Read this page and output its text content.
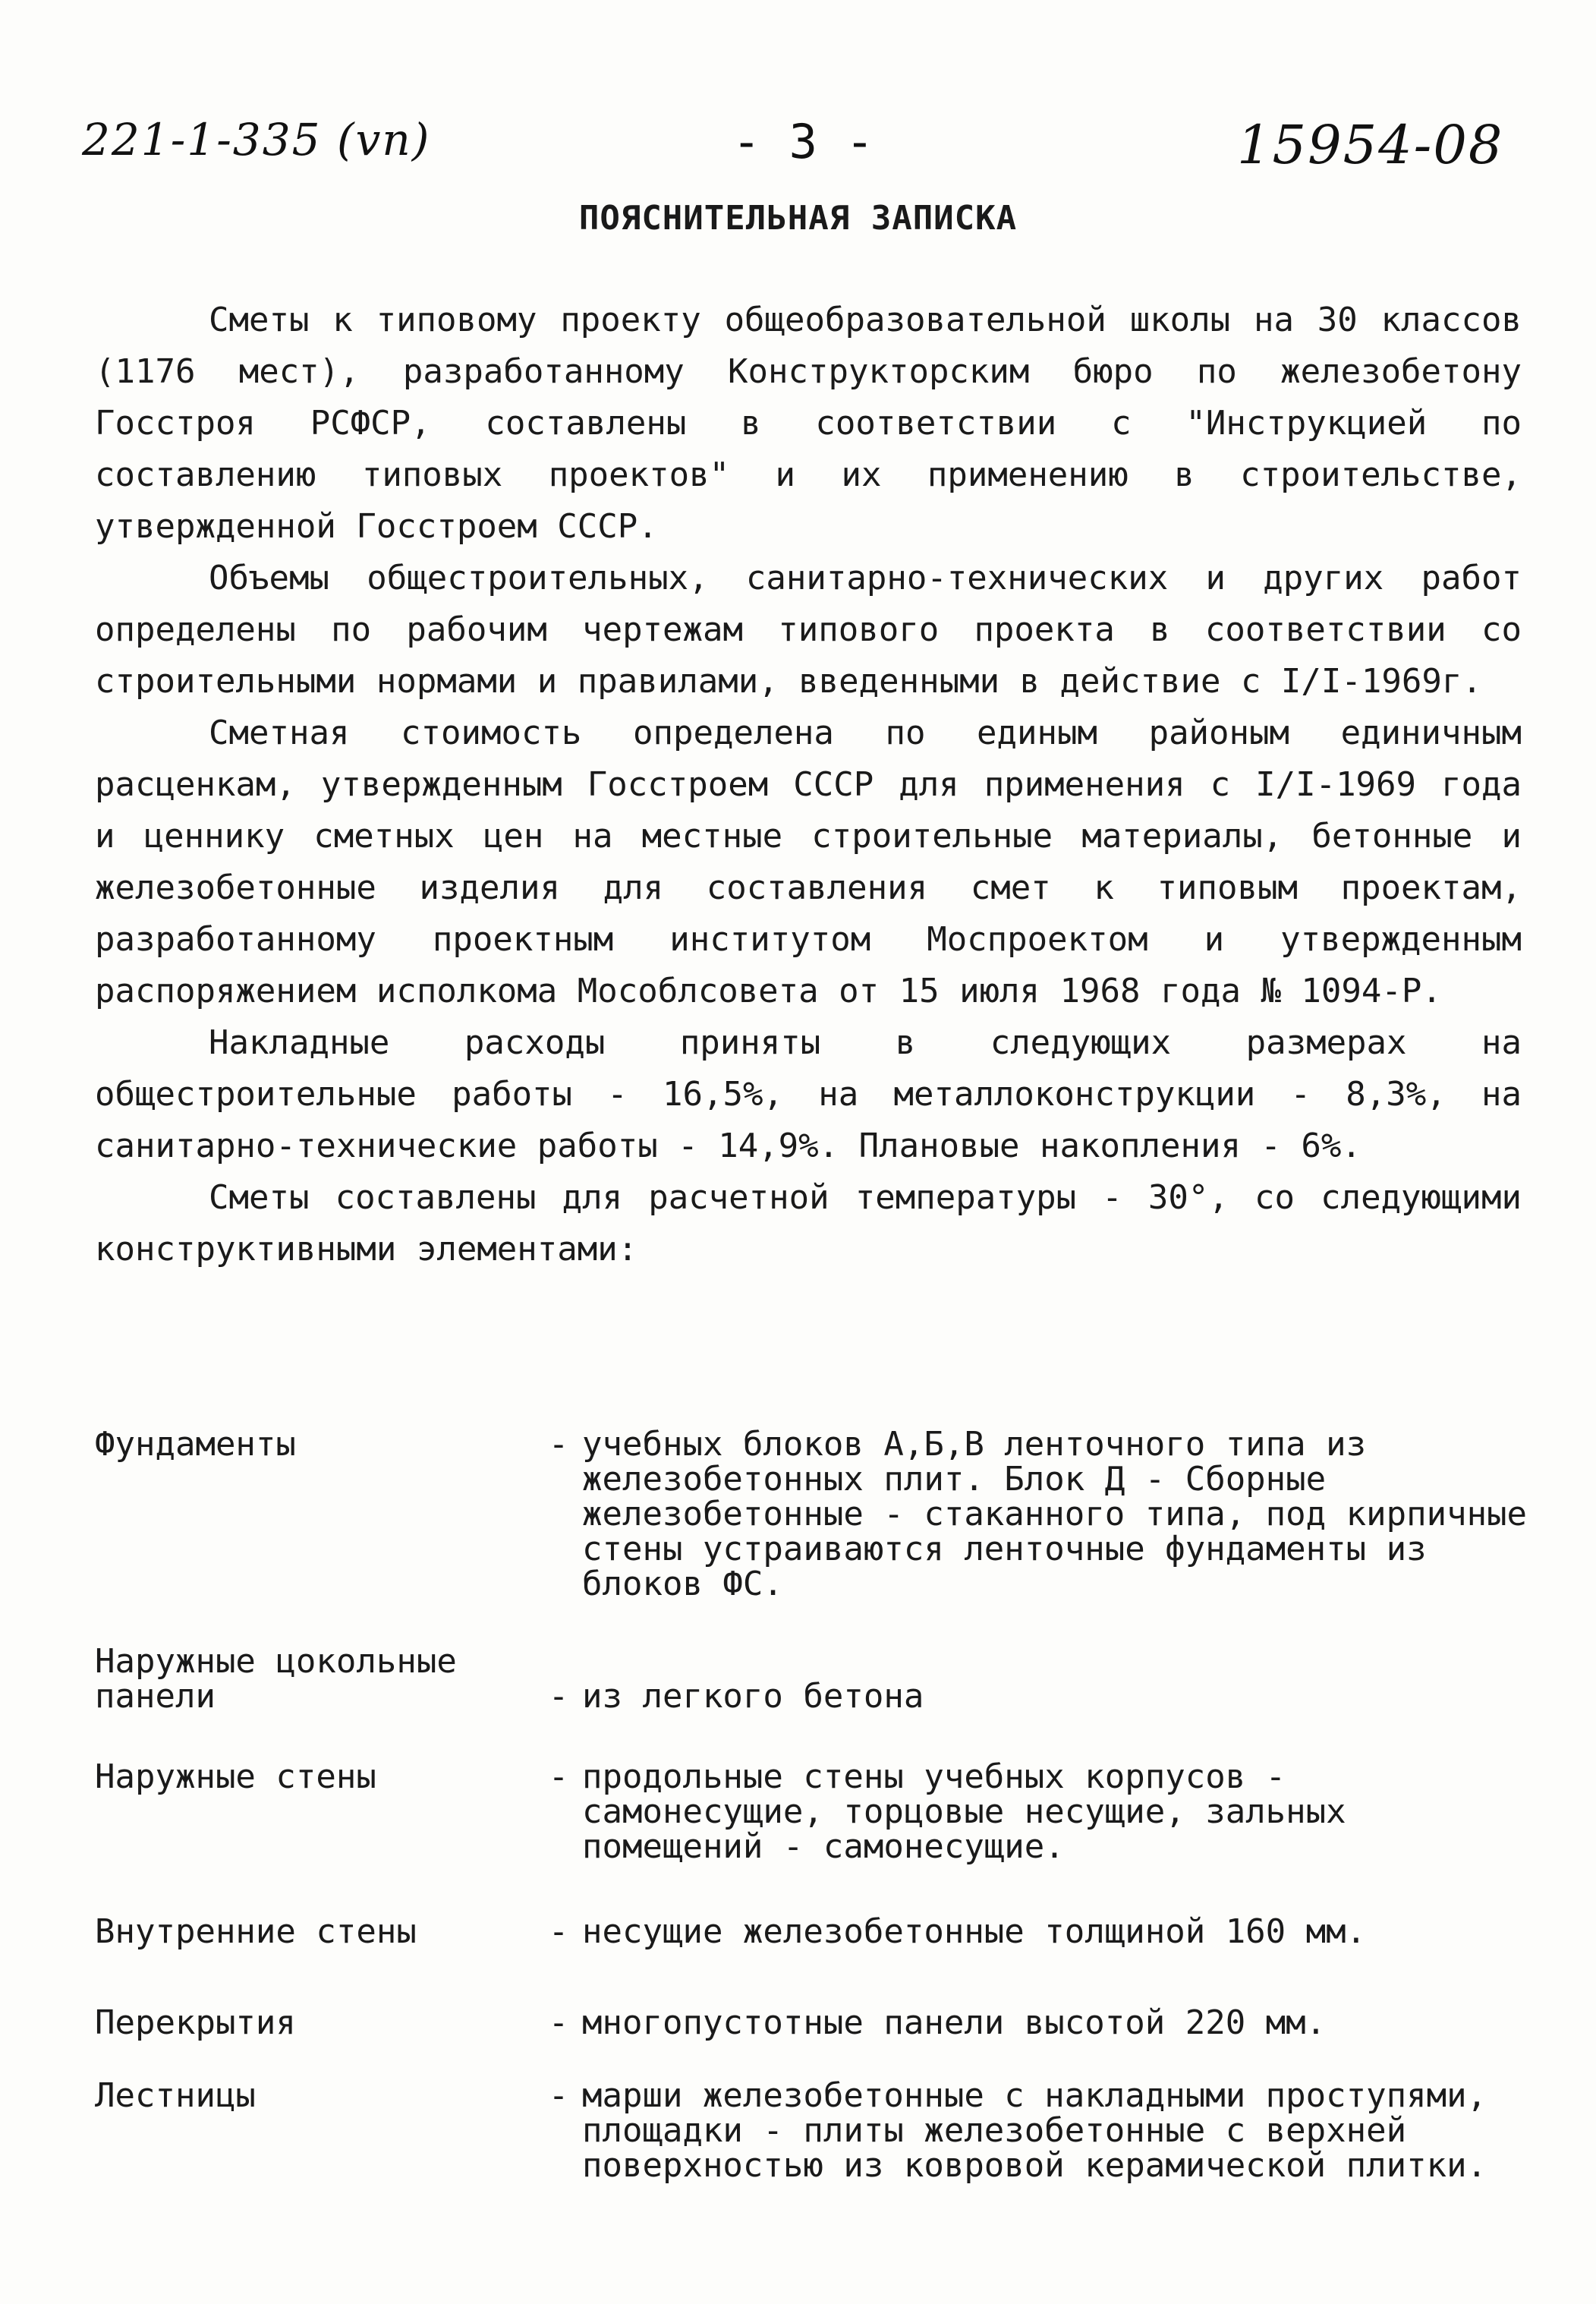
221-1-335 (vп)	- 3 -	15954-08
ПОЯСНИТЕЛЬНАЯ ЗАПИСКА

Сметы к типовому проекту общеобразовательной школы на 30 классов (1176 мест), разработанному Конструкторским бюро по железобетону Госстроя РСФСР, составлены в соответствии с "Инструкцией по составлению типовых проектов" и их применению в строительстве, утвержденной Госстроем СССР.

Объемы общестроительных, санитарно-технических и других работ определены по рабочим чертежам типового проекта в соответствии со строительными нормами и правилами, введенными в действие с I/I-1969г.

Сметная стоимость определена по единым районым единичным расценкам, утвержденным Госстроем СССР для применения с I/I-1969 года и ценнику сметных цен на местные строительные материалы, бетонные и железобетонные изделия для составления смет к типовым проектам, разработанному проектным институтом Моспроектом и утвержденным распоряжением исполкома Мособлсовета от 15 июля 1968 года № 1094-Р.

Накладные расходы приняты в следующих размерах на общестроительные работы - 16,5%, на металлоконструкции - 8,3%, на санитарно-технические работы - 14,9%. Плановые накопления - 6%.

Сметы составлены для расчетной температуры - 30°, со следующими конструктивными элементами:

Фундаменты	- учебных блоков А,Б,В ленточного типа из железобетонных плит. Блок Д - Сборные железобетонные - стаканного типа, под кирпичные стены устраиваются ленточные фундаменты из блоков ФС.
Наружные цокольные панели	- из легкого бетона
Наружные стены	- продольные стены учебных корпусов - самонесущие, торцовые несущие, зальных помещений - самонесущие.
Внутренние стены	- несущие железобетонные толщиной 160 мм.
Перекрытия	- многопустотные панели высотой 220 мм.
Лестницы	- марши железобетонные с накладными проступями, площадки - плиты железобетонные с верхней поверхностью из ковровой керамической плитки.
